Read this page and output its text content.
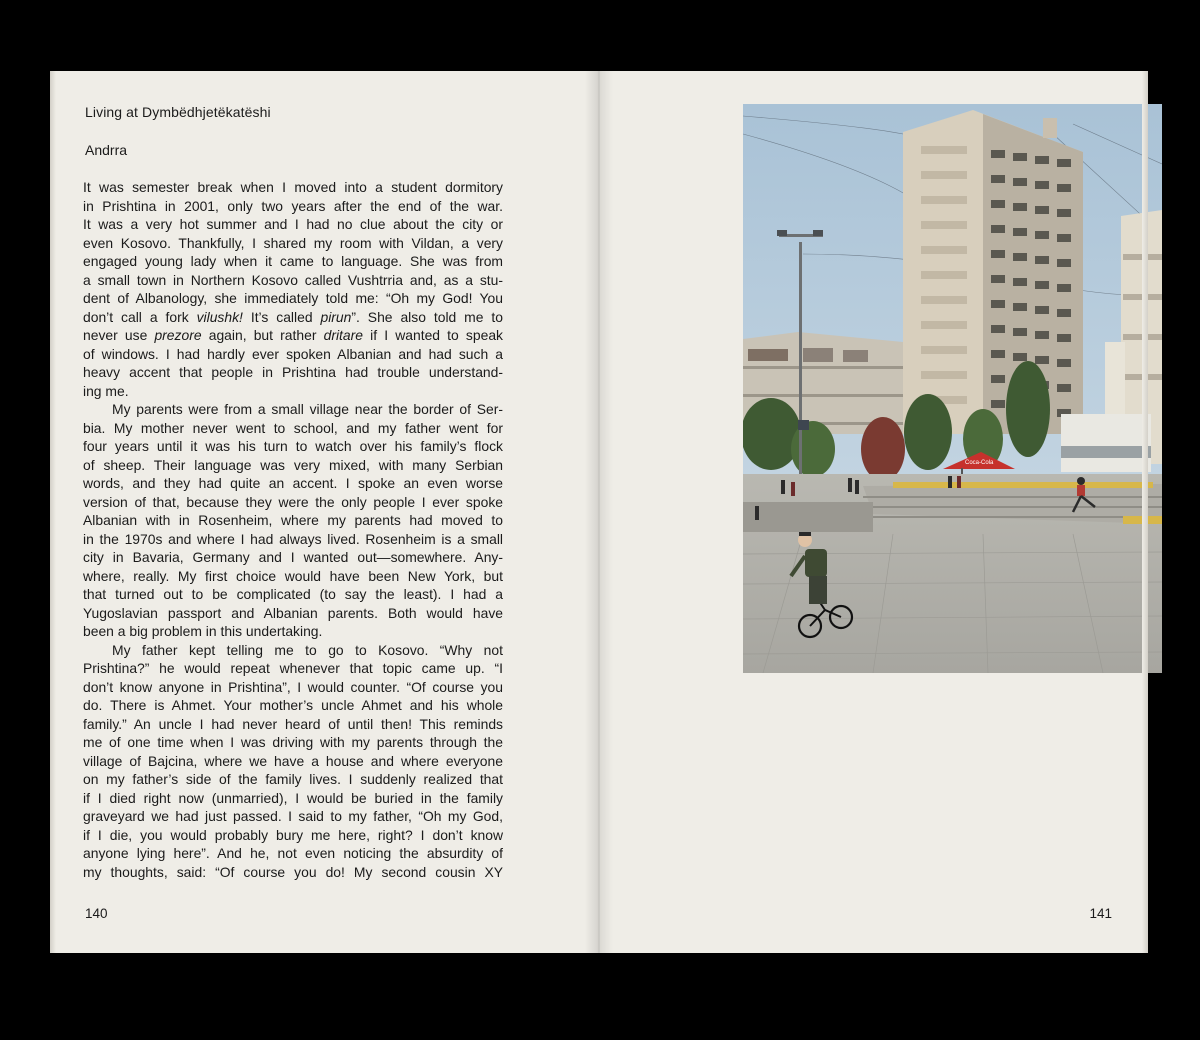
Living at Dymbëdhjetëkatëshi
Andrra
It was semester break when I moved into a student dormitory
in Prishtina in 2001, only two years after the end of the war.
It was a very hot summer and I had no clue about the city or
even Kosovo. Thankfully, I shared my room with Vildan, a very
engaged young lady when it came to language. She was from
a small town in Northern Kosovo called Vushtrria and, as a stu-
dent of Albanology, she immediately told me: “Oh my God! You
don’t call a fork vilushk! It’s called pirun”. She also told me to
never use prezore again, but rather dritare if I wanted to speak
of windows. I had hardly ever spoken Albanian and had such a
heavy accent that people in Prishtina had trouble understand-
ing me.
My parents were from a small village near the border of Ser-
bia. My mother never went to school, and my father went for
four years until it was his turn to watch over his family’s flock
of sheep. Their language was very mixed, with many Serbian
words, and they had quite an accent. I spoke an even worse
version of that, because they were the only people I ever spoke
Albanian with in Rosenheim, where my parents had moved to
in the 1970s and where I had always lived. Rosenheim is a small
city in Bavaria, Germany and I wanted out—somewhere. Any-
where, really. My first choice would have been New York, but
that turned out to be complicated (to say the least). I had a
Yugoslavian passport and Albanian parents. Both would have
been a big problem in this undertaking.
My father kept telling me to go to Kosovo. “Why not
Prishtina?” he would repeat whenever that topic came up. “I
don’t know anyone in Prishtina”, I would counter. “Of course you
do. There is Ahmet. Your mother’s uncle Ahmet and his whole
family.” An uncle I had never heard of until then! This reminds
me of one time when I was driving with my parents through the
village of Bajcina, where we have a house and where everyone
on my father’s side of the family lives. I suddenly realized that
if I died right now (unmarried), I would be buried in the family
graveyard we had just passed. I said to my father, “Oh my God,
if I die, you would probably bury me here, right? I don’t know
anyone lying here”. And he, not even noticing the absurdity of
my thoughts, said: “Of course you do! My second cousin XY
140
Coca-Cola
141
